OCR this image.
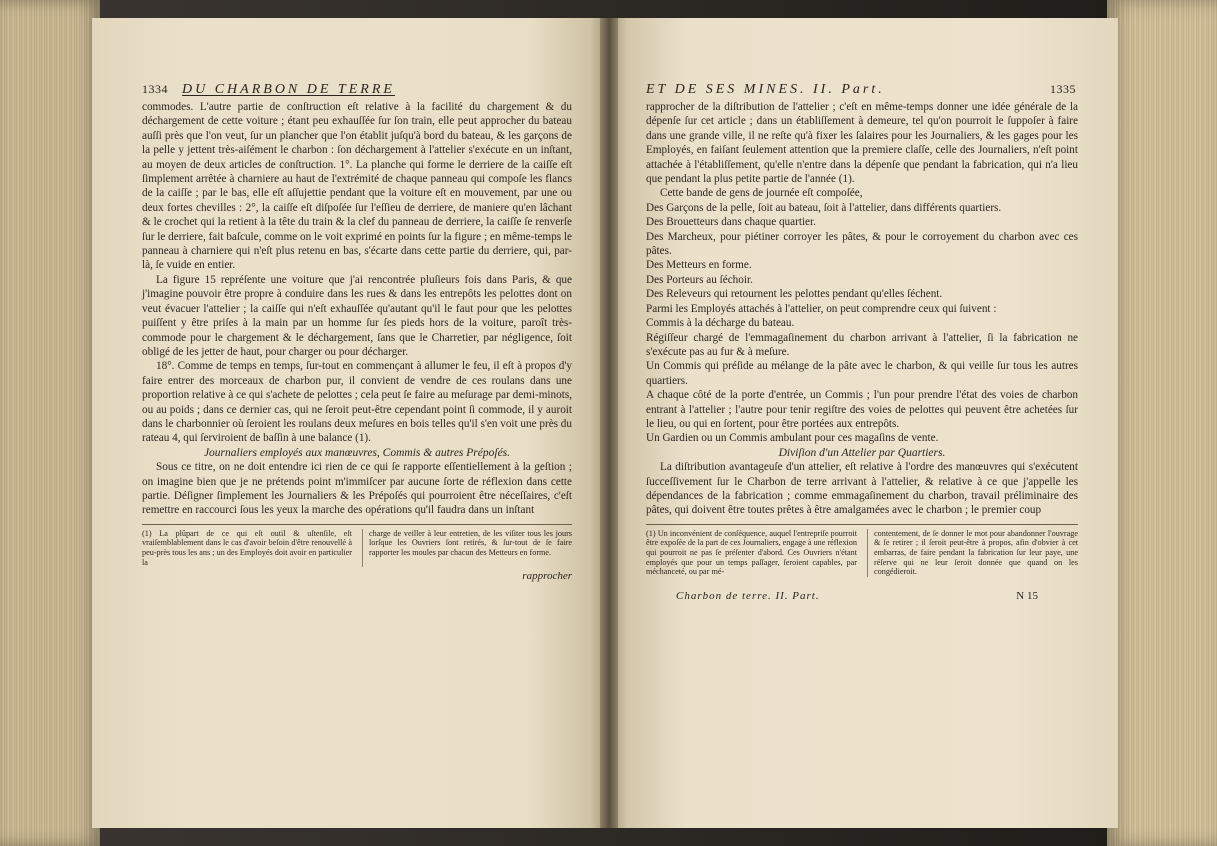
1334 DU CHARBON DE TERRE

commodes. L'autre partie de conſtruction eſt relative à la facilité du chargement & du déchargement de cette voiture ; étant peu exhauſſée ſur ſon train, elle peut approcher du bateau auſſi près que l'on veut, ſur un plancher que l'on établit juſqu'à bord du bateau, & les garçons de la pelle y jettent très-aiſément le charbon : ſon déchargement à l'attelier s'exécute en un inſtant, au moyen de deux articles de conſtruction. 1°. La planche qui forme le derriere de la caiſſe eſt ſimplement arrêtée à charniere au haut de l'extrémité de chaque panneau qui compoſe les flancs de la caiſſe ; par le bas, elle eſt aſſujettie pendant que la voiture eſt en mouvement, par une ou deux fortes chevilles : 2°, la caiſſe eſt diſpoſée ſur l'eſſieu de derriere, de maniere qu'en lâchant & le crochet qui la retient à la tête du train & la clef du panneau de derriere, la caiſſe ſe renverſe ſur le derriere, fait baſcule, comme on le voit exprimé en points ſur la figure ; en même-temps le panneau à charniere qui n'eſt plus retenu en bas, s'écarte dans cette partie du derriere, qui, par-là, ſe vuide en entier.

La figure 15 repréſente une voiture que j'ai rencontrée pluſieurs fois dans Paris, & que j'imagine pouvoir être propre à conduire dans les rues & dans les entrepôts les pelottes dont on veut évacuer l'attelier ; la caiſſe qui n'eſt exhauſſée qu'autant qu'il le faut pour que les pelottes puiſſent y être priſes à la main par un homme ſur ſes pieds hors de la voiture, paroît très-commode pour le chargement & le déchargement, ſans que le Charretier, par négligence, ſoit obligé de les jetter de haut, pour charger ou pour décharger.

18°. Comme de temps en temps, ſur-tout en commençant à allumer le feu, il eſt à propos d'y faire entrer des morceaux de charbon pur, il convient de vendre de ces roulans dans une proportion relative à ce qui s'achete de pelottes ; cela peut ſe faire au meſurage par demi-minots, ou au poids ; dans ce dernier cas, qui ne ſeroit peut-être cependant point ſi commode, il y auroit dans le charbonnier où ſeroient les roulans deux meſures en bois telles qu'il s'en voit une près du rateau 4, qui ſerviroient de baſſin à une balance (1).

Journaliers employés aux manœuvres, Commis & autres Prépoſés.

Sous ce titre, on ne doit entendre ici rien de ce qui ſe rapporte eſſentiellement à la geſtion ; on imagine bien que je ne prétends point m'immiſcer par aucune ſorte de réflexion dans cette partie. Déſigner ſimplement les Journaliers & les Prépoſés qui pourroient être néceſſaires, c'eſt remettre en raccourci ſous les yeux la marche des opérations qu'il faudra dans un inſtant

(1) La plûpart de ce qui eſt outil & uſtenſile, eſt vraiſemblablement dans le cas d'avoir beſoin d'être renouvellé à peu-près tous les ans ; un des Employés doit avoir en particulier la
charge de veiller à leur entretien, de les viſiter tous les jours lorſque les Ouvriers ſont retirés, & ſur-tout de ſe faire rapporter les moules par chacun des Metteurs en forme.
rapprocher
ET DE SES MINES. II. Part.	1335

rapprocher de la diſtribution de l'attelier ; c'eſt en même-temps donner une idée générale de la dépenſe ſur cet article ; dans un établiſſement à demeure, tel qu'on pourroit le ſuppoſer à faire dans une grande ville, il ne reſte qu'à fixer les ſalaires pour les Journaliers, & les gages pour les Employés, en faiſant ſeulement attention que la premiere claſſe, celle des Journaliers, n'eſt point attachée à l'établiſſement, qu'elle n'entre dans la dépenſe que pendant la fabrication, qui n'a lieu que pendant la plus petite partie de l'année (1).

Cette bande de gens de journée eſt compoſée,

Des Garçons de la pelle, ſoit au bateau, ſoit à l'attelier, dans différents quartiers.

Des Brouetteurs dans chaque quartier.

Des Marcheux, pour piétiner corroyer les pâtes, & pour le corroyement du charbon avec ces pâtes.

Des Metteurs en forme.

Des Porteurs au ſéchoir.

Des Releveurs qui retournent les pelottes pendant qu'elles ſéchent.

Parmi les Employés attachés à l'attelier, on peut comprendre ceux qui ſuivent :

Commis à la décharge du bateau.

Régiſſeur chargé de l'emmagaſinement du charbon arrivant à l'attelier, ſi la fabrication ne s'exécute pas au fur & à meſure.

Un Commis qui préſide au mélange de la pâte avec le charbon, & qui veille ſur tous les autres quartiers.

A chaque côté de la porte d'entrée, un Commis ; l'un pour prendre l'état des voies de charbon entrant à l'attelier ; l'autre pour tenir regiſtre des voies de pelottes qui peuvent être achetées ſur le lieu, ou qui en ſortent, pour être portées aux entrepôts.

Un Gardien ou un Commis ambulant pour ces magaſins de vente.

Diviſion d'un Attelier par Quartiers.

La diſtribution avantageuſe d'un attelier, eſt relative à l'ordre des manœuvres qui s'exécutent ſucceſſivement ſur le Charbon de terre arrivant à l'attelier, & relative à ce que j'appelle les dépendances de la fabrication ; comme emmagaſinement du charbon, travail préliminaire des pâtes, qui doivent être toutes prêtes à être amalgamées avec le charbon ; le premier coup

(1) Un inconvénient de conſéquence, auquel l'entrepriſe pourroit être expoſée de la part de ces Journaliers, engage à une réflexion qui pourroit ne pas ſe préſenter d'abord. Ces Ouvriers n'étant employés que pour un temps paſſager, ſeroient capables, par méchanceté, ou par mé-
contentement, de ſe donner le mot pour abandonner l'ouvrage & ſe retirer ; il ſeroit peut-être à propos, afin d'obvier à cet embarras, de faire pendant la fabrication ſur leur paye, une réſerve qui ne leur ſeroit donnée que quand on les congédieroit.
Charbon de terre. II. Part.	N 15
